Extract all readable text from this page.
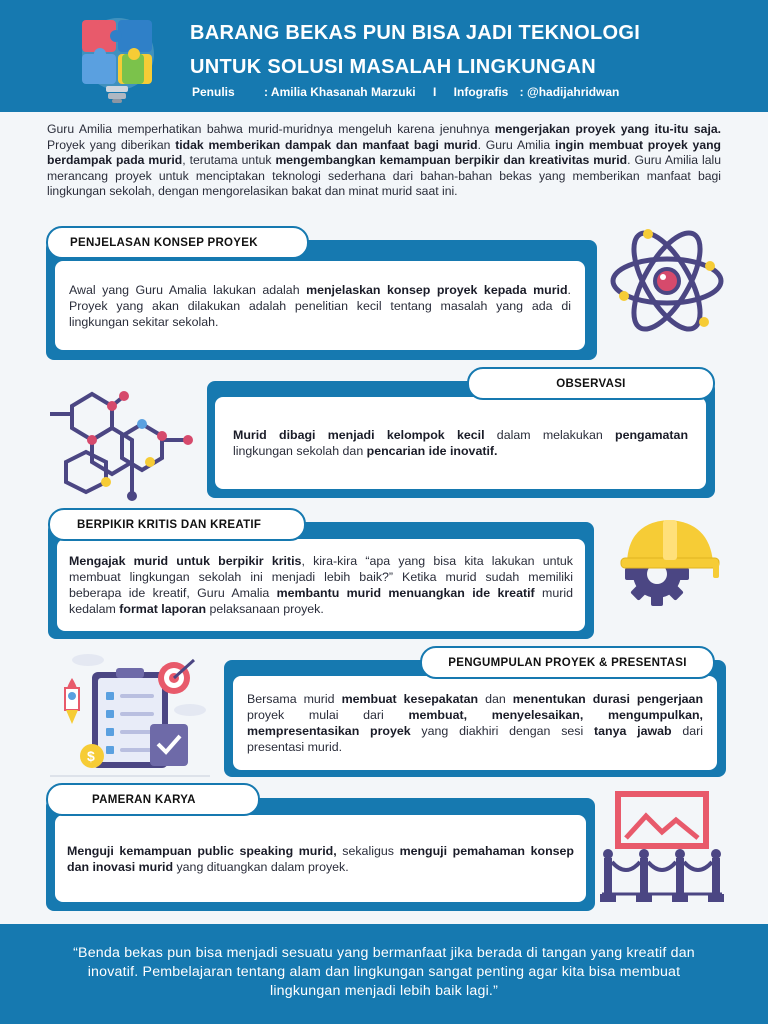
BARANG BEKAS PUN BISA JADI TEKNOLOGI
UNTUK SOLUSI MASALAH LINGKUNGAN
Penulis : Amilia Khasanah Marzuki I Infografis : @hadijahridwan
Guru Amilia memperhatikan bahwa murid-muridnya mengeluh karena jenuhnya mengerjakan proyek yang itu-itu saja. Proyek yang diberikan tidak memberikan dampak dan manfaat bagi murid. Guru Amilia ingin membuat proyek yang berdampak pada murid, terutama untuk mengembangkan kemampuan berpikir dan kreativitas murid. Guru Amilia lalu merancang proyek untuk menciptakan teknologi sederhana dari bahan-bahan bekas yang memberikan manfaat bagi lingkungan sekolah, dengan mengorelasikan bakat dan minat murid saat ini.
Awal yang Guru Amalia lakukan adalah menjelaskan konsep proyek kepada murid. Proyek yang akan dilakukan adalah penelitian kecil tentang masalah yang ada di lingkungan sekitar sekolah.
PENJELASAN KONSEP PROYEK
Murid dibagi menjadi kelompok kecil dalam melakukan pengamatan lingkungan sekolah dan pencarian ide inovatif.
OBSERVASI
Mengajak murid untuk berpikir kritis, kira-kira “apa yang bisa kita lakukan untuk membuat lingkungan sekolah ini menjadi lebih baik?” Ketika murid sudah memiliki beberapa ide kreatif, Guru Amalia membantu murid menuangkan ide kreatif murid kedalam format laporan pelaksanaan proyek.
BERPIKIR KRITIS DAN KREATIF
$
Bersama murid membuat kesepakatan dan menentukan durasi pengerjaan proyek mulai dari membuat, menyelesaikan, mengumpulkan, mempresentasikan proyek yang diakhiri dengan sesi tanya jawab dari presentasi murid.
PENGUMPULAN PROYEK & PRESENTASI
Menguji kemampuan public speaking murid, sekaligus menguji pemahaman konsep dan inovasi murid yang dituangkan dalam proyek.
PAMERAN KARYA
“Benda bekas pun bisa menjadi sesuatu yang bermanfaat jika berada di tangan yang kreatif dan inovatif. Pembelajaran tentang alam dan lingkungan sangat penting agar kita bisa membuat lingkungan menjadi lebih baik lagi.”
